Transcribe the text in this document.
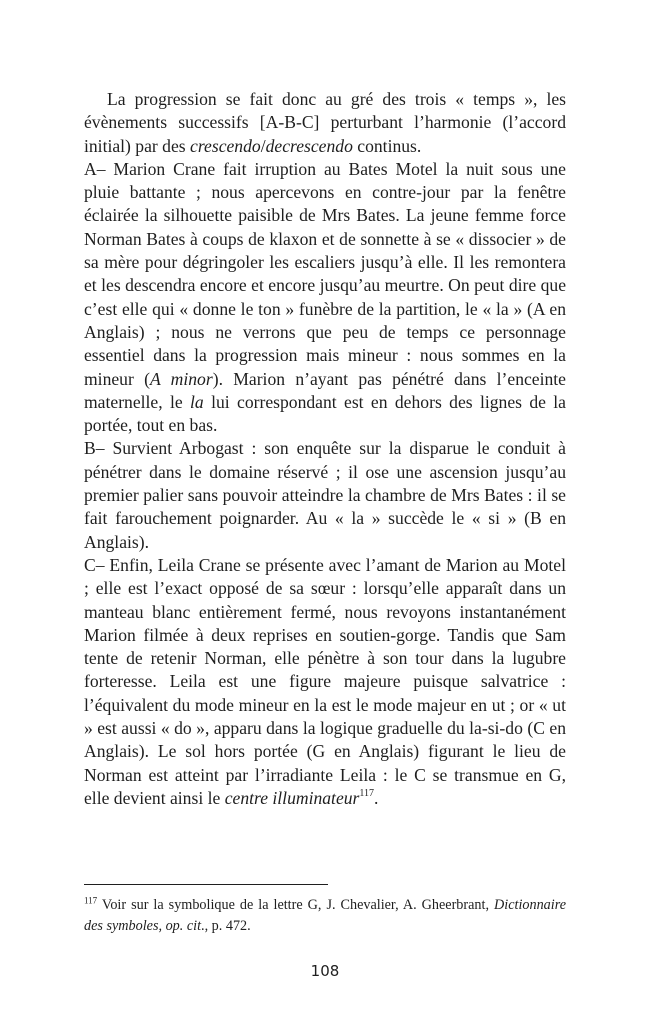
La progression se fait donc au gré des trois « temps », les évènements successifs [A-B-C] perturbant l’harmonie (l’accord initial) par des crescendo/decrescendo continus.

A– Marion Crane fait irruption au Bates Motel la nuit sous une pluie battante ; nous apercevons en contre-jour par la fenêtre éclairée la silhouette paisible de Mrs Bates. La jeune femme force Norman Bates à coups de klaxon et de sonnette à se « dissocier » de sa mère pour dégringoler les escaliers jusqu’à elle. Il les remontera et les descendra encore et encore jusqu’au meurtre. On peut dire que c’est elle qui « donne le ton » funèbre de la partition, le « la » (A en Anglais) ; nous ne verrons que peu de temps ce personnage essentiel dans la progression mais mineur : nous sommes en la mineur (A minor). Marion n’ayant pas pénétré dans l’enceinte maternelle, le la lui correspondant est en dehors des lignes de la portée, tout en bas.

B– Survient Arbogast : son enquête sur la disparue le conduit à pénétrer dans le domaine réservé ; il ose une ascension jusqu’au premier palier sans pouvoir atteindre la chambre de Mrs Bates : il se fait farouchement poignarder. Au « la » succède le « si » (B en Anglais).

C– Enfin, Leila Crane se présente avec l’amant de Marion au Motel ; elle est l’exact opposé de sa sœur : lorsqu’elle apparaît dans un manteau blanc entièrement fermé, nous revoyons instantanément Marion filmée à deux reprises en soutien-gorge. Tandis que Sam tente de retenir Norman, elle pénètre à son tour dans la lugubre forteresse. Leila est une figure majeure puisque salvatrice : l’équivalent du mode mineur en la est le mode majeur en ut ; or « ut » est aussi « do », apparu dans la logique graduelle du la-si-do (C en Anglais). Le sol hors portée (G en Anglais) figurant le lieu de Norman est atteint par l’irradiante Leila : le C se transmue en G, elle devient ainsi le centre illuminateur$^{117}$.

$^{117}$ Voir sur la symbolique de la lettre G, J. Chevalier, A. Gheerbrant, Dictionnaire des symboles, op. cit., p. 472.
108
